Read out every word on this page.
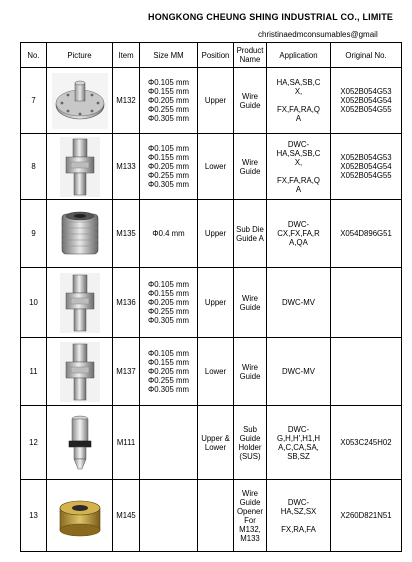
HONGKONG CHEUNG SHING INDUSTRIAL CO., LIMITE
christinaedmconsumables@gmail
No.	Picture	Item	Size MM	Position	Product Name	Application	Original No.
7		M132	Φ0.105 mm
Φ0.155 mm
Φ0.205 mm
Φ0.255 mm
Φ0.305 mm	Upper	Wire Guide	HA,SA,SB,C
X,

FX,FA,RA,Q
A	X052B054G53
X052B054G54
X052B054G55

8		M133	Φ0.105 mm
Φ0.155 mm
Φ0.205 mm
Φ0.255 mm
Φ0.305 mm	Lower	Wire Guide	DWC-
HA,SA,SB,C
X,

FX,FA,RA,Q
A	X052B054G53
X052B054G54
X052B054G55

9		M135	Φ0.4 mm	Upper	Sub Die Guide A	DWC-
CX,FX,FA,R
A,QA	X054D896G51

10		M136	Φ0.105 mm
Φ0.155 mm
Φ0.205 mm
Φ0.255 mm
Φ0.305 mm	Upper	Wire Guide	DWC-MV	

11		M137	Φ0.105 mm
Φ0.155 mm
Φ0.205 mm
Φ0.255 mm
Φ0.305 mm	Lower	Wire Guide	DWC-MV	

12		M111		Upper & Lower	Sub Guide Holder (SUS)	DWC-
G,H,H',H1,H
A,C,CA,SA,
SB,SZ	X053C245H02

13		M145			Wire Guide Opener For M132, M133	DWC-
HA,SZ,SX

FX,RA,FA	X260D821N51
